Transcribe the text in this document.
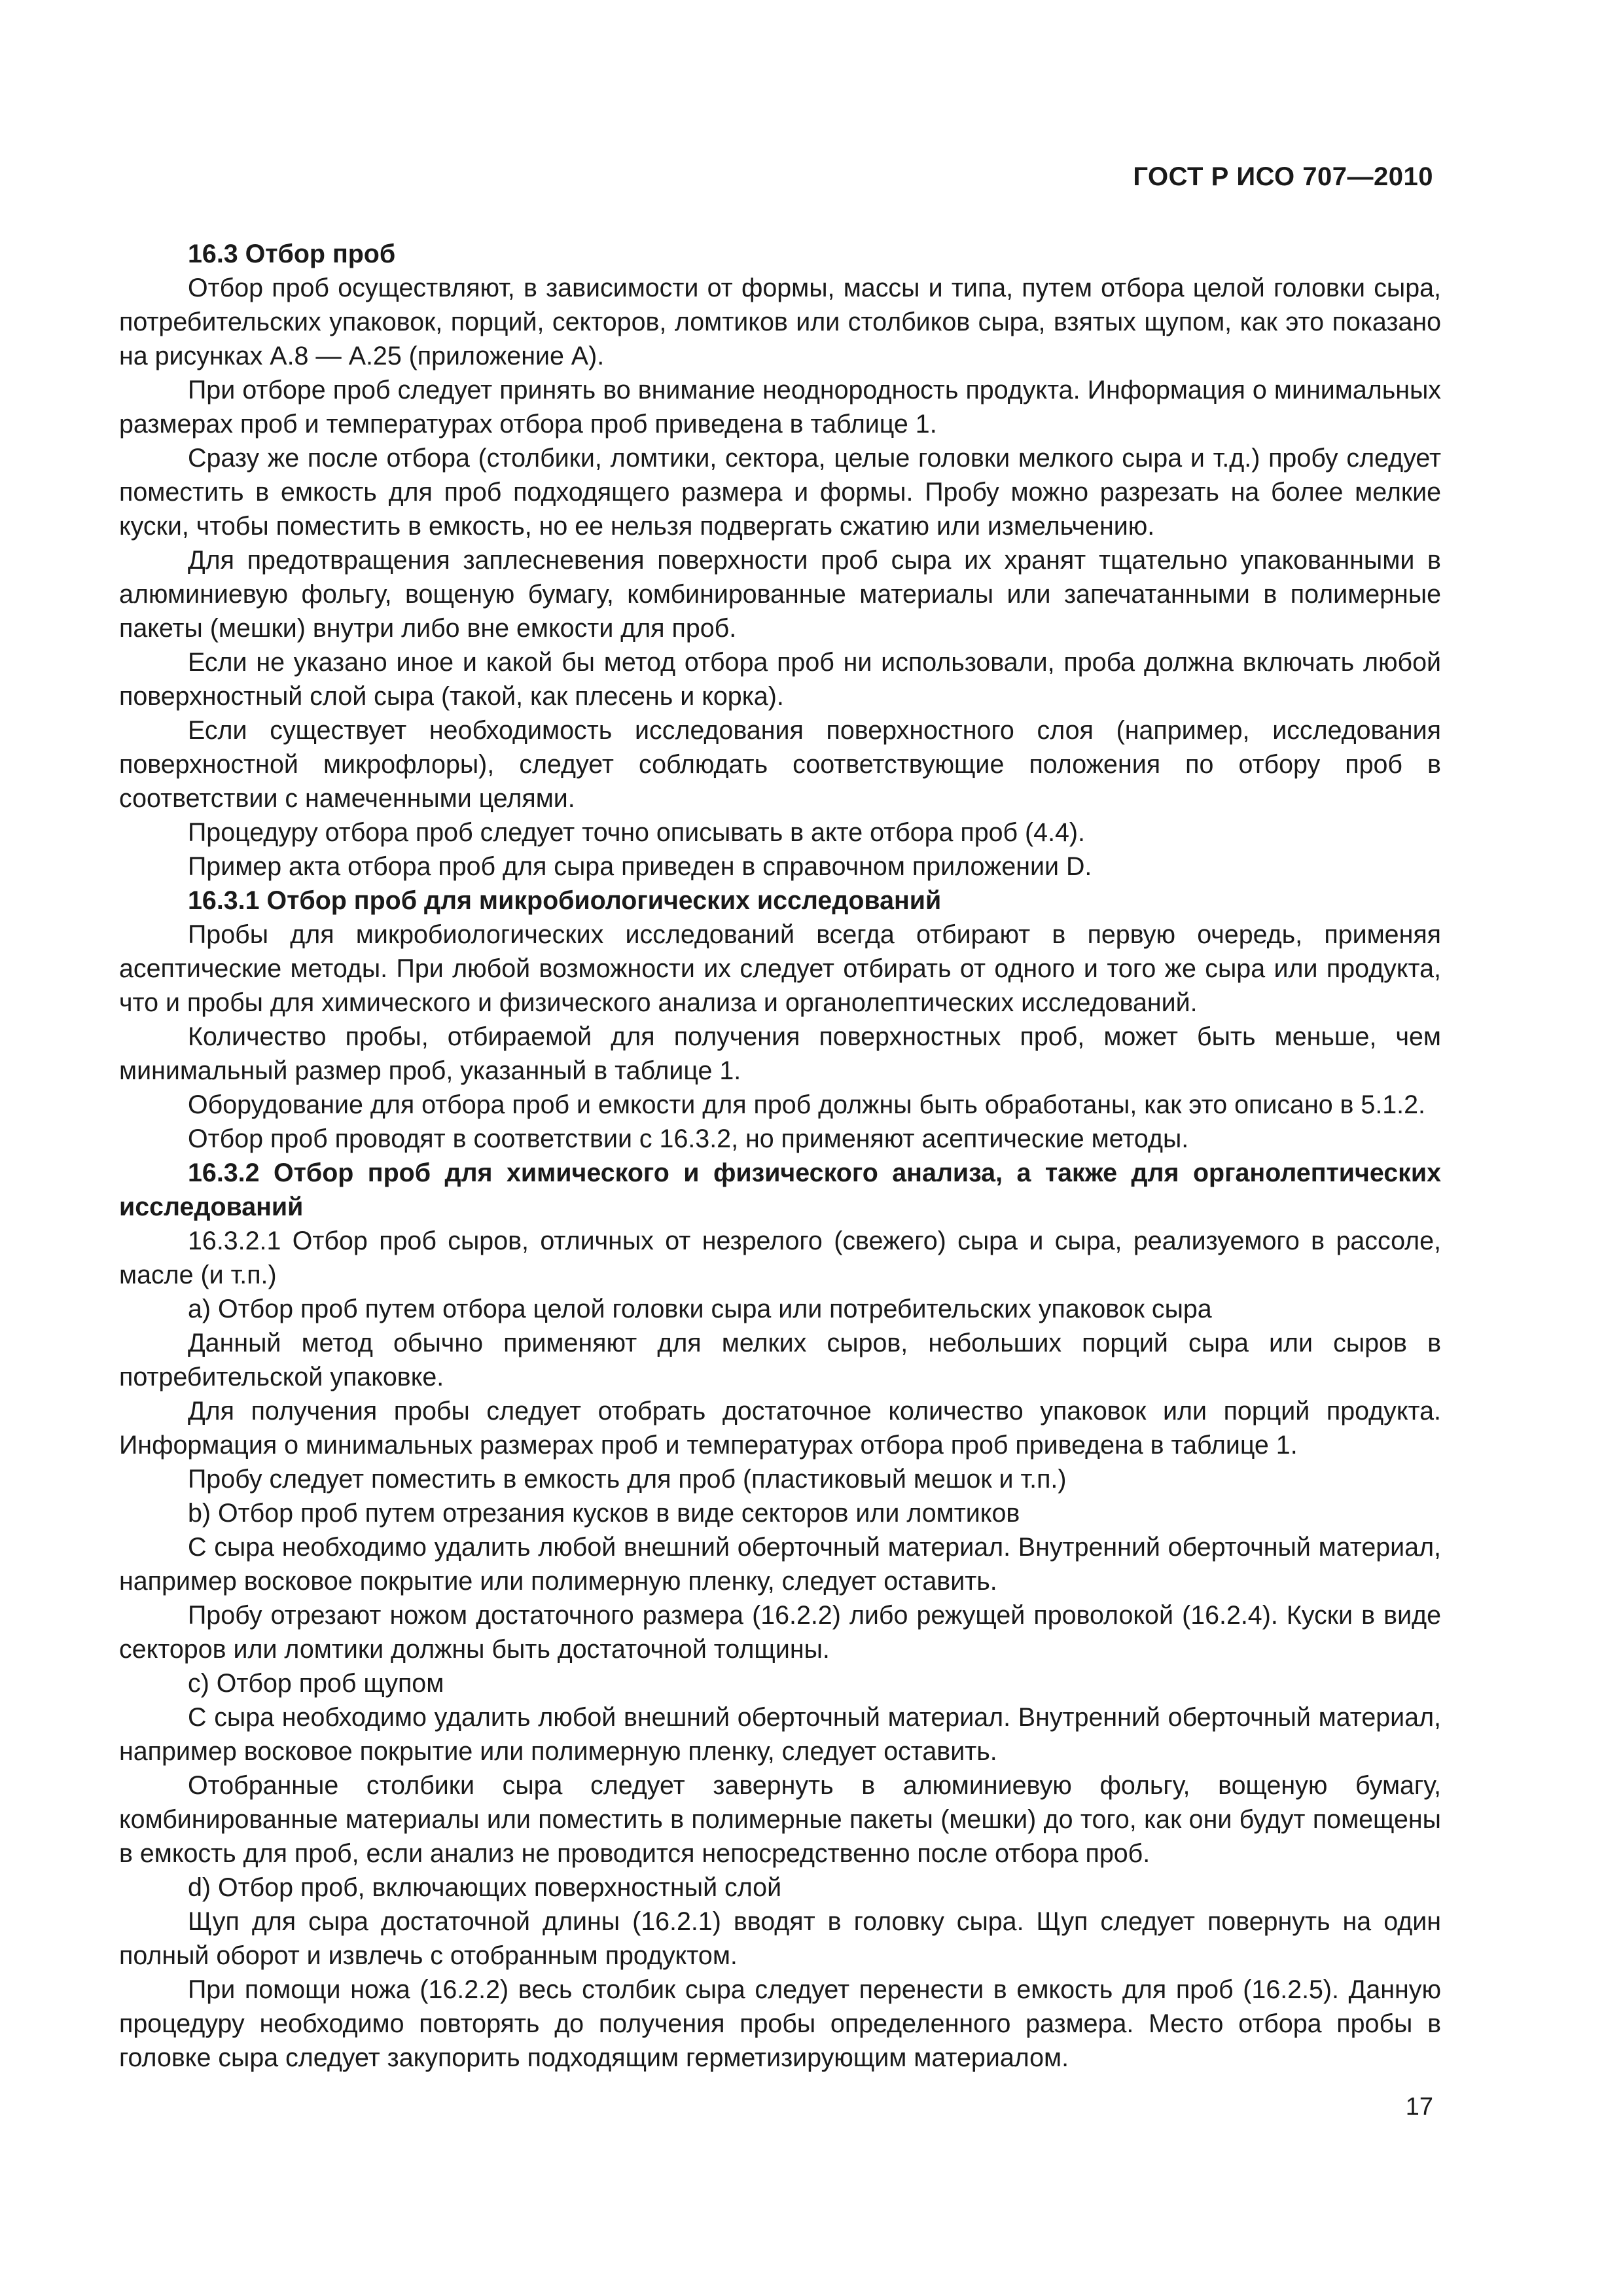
ГОСТ Р ИСО 707—2010

16.3 Отбор проб

Отбор проб осуществляют, в зависимости от формы, массы и типа, путем отбора целой головки сыра, потребительских упаковок, порций, секторов, ломтиков или столбиков сыра, взятых щупом, как это показано на рисунках А.8 — А.25 (приложение А).

При отборе проб следует принять во внимание неоднородность продукта. Информация о минимальных размерах проб и температурах отбора проб приведена в таблице 1.

Сразу же после отбора (столбики, ломтики, сектора, целые головки мелкого сыра и т.д.) пробу следует поместить в емкость для проб подходящего размера и формы. Пробу можно разрезать на более мелкие куски, чтобы поместить в емкость, но ее нельзя подвергать сжатию или измельчению.

Для предотвращения заплесневения поверхности проб сыра их хранят тщательно упакованными в алюминиевую фольгу, вощеную бумагу, комбинированные материалы или запечатанными в полимерные пакеты (мешки) внутри либо вне емкости для проб.

Если не указано иное и какой бы метод отбора проб ни использовали, проба должна включать любой поверхностный слой сыра (такой, как плесень и корка).

Если существует необходимость исследования поверхностного слоя (например, исследования поверхностной микрофлоры), следует соблюдать соответствующие положения по отбору проб в соответствии с намеченными целями.

Процедуру отбора проб следует точно описывать в акте отбора проб (4.4).

Пример акта отбора проб для сыра приведен в справочном приложении D.

16.3.1 Отбор проб для микробиологических исследований

Пробы для микробиологических исследований всегда отбирают в первую очередь, применяя асептические методы. При любой возможности их следует отбирать от одного и того же сыра или продукта, что и пробы для химического и физического анализа и органолептических исследований.

Количество пробы, отбираемой для получения поверхностных проб, может быть меньше, чем минимальный размер проб, указанный в таблице 1.

Оборудование для отбора проб и емкости для проб должны быть обработаны, как это описано в 5.1.2.

Отбор проб проводят в соответствии с 16.3.2, но применяют асептические методы.

16.3.2 Отбор проб для химического и физического анализа, а также для органолептических исследований

16.3.2.1 Отбор проб сыров, отличных от незрелого (свежего) сыра и сыра, реализуемого в рассоле, масле (и т.п.)

a) Отбор проб путем отбора целой головки сыра или потребительских упаковок сыра

Данный метод обычно применяют для мелких сыров, небольших порций сыра или сыров в потребительской упаковке.

Для получения пробы следует отобрать достаточное количество упаковок или порций продукта. Информация о минимальных размерах проб и температурах отбора проб приведена в таблице 1.

Пробу следует поместить в емкость для проб (пластиковый мешок и т.п.)

b) Отбор проб путем отрезания кусков в виде секторов или ломтиков

С сыра необходимо удалить любой внешний оберточный материал. Внутренний оберточный материал, например восковое покрытие или полимерную пленку, следует оставить.

Пробу отрезают ножом достаточного размера (16.2.2) либо режущей проволокой (16.2.4). Куски в виде секторов или ломтики должны быть достаточной толщины.

c) Отбор проб щупом

С сыра необходимо удалить любой внешний оберточный материал. Внутренний оберточный материал, например восковое покрытие или полимерную пленку, следует оставить.

Отобранные столбики сыра следует завернуть в алюминиевую фольгу, вощеную бумагу, комбинированные материалы или поместить в полимерные пакеты (мешки) до того, как они будут помещены в емкость для проб, если анализ не проводится непосредственно после отбора проб.

d) Отбор проб, включающих поверхностный слой

Щуп для сыра достаточной длины (16.2.1) вводят в головку сыра. Щуп следует повернуть на один полный оборот и извлечь с отобранным продуктом.

При помощи ножа (16.2.2) весь столбик сыра следует перенести в емкость для проб (16.2.5). Данную процедуру необходимо повторять до получения пробы определенного размера. Место отбора пробы в головке сыра следует закупорить подходящим герметизирующим материалом.

17
